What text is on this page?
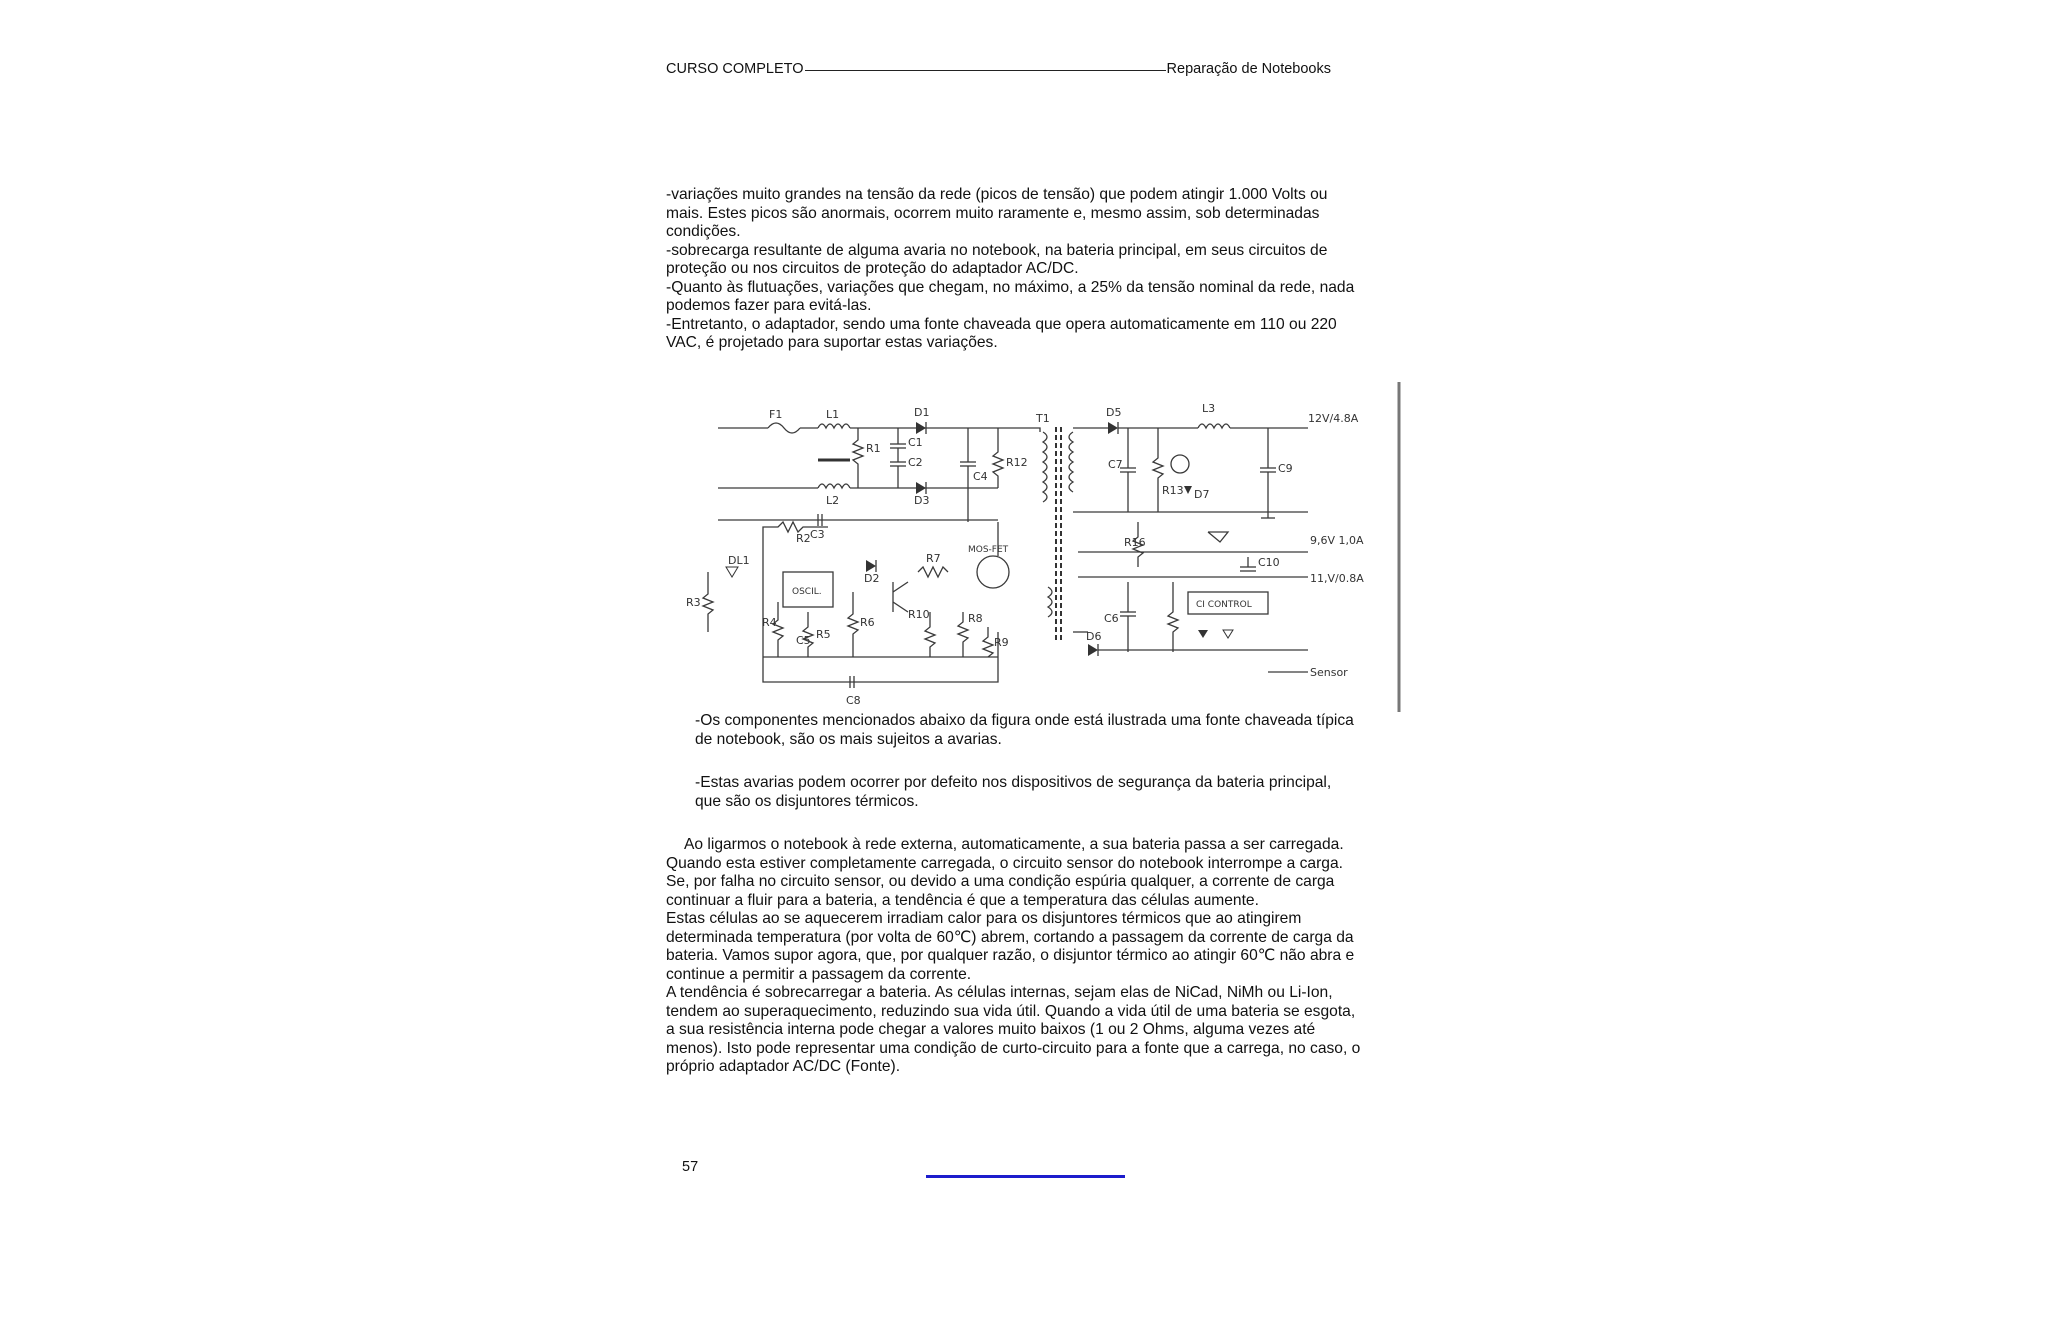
CURSO COMPLETO	Reparação de Notebooks

-variações muito grandes na tensão da rede (picos de tensão) que podem atingir 1.000 Volts ou mais. Estes picos são anormais, ocorrem muito raramente e, mesmo assim, sob determinadas condições.

-sobrecarga resultante de alguma avaria no notebook, na bateria principal, em seus circuitos de proteção ou nos circuitos de proteção do adaptador AC/DC.

-Quanto às flutuações, variações que chegam, no máximo, a 25% da tensão nominal da rede, nada podemos fazer para evitá-las.

-Entretanto, o adaptador, sendo uma fonte chaveada que opera automaticamente em 110 ou 220 VAC, é projetado para suportar estas variações.

F1	L1
L2
R1 C1
C2
D1
D3
C3
C4
R12
T1	D5	L3
12V/4.8A
C7
R13 D7
C9
R16
C10
9,6V 1,0A
11,V/0.8A
MOS-FET
OSCIL.
R2
R3
DL1
D2
R7
R4
R5
R6
C5
R10	R8
R9
C8
D6
C6
CI CONTROL
Sensor

-Os componentes mencionados abaixo da figura onde está ilustrada uma fonte chaveada típica de notebook, são os mais sujeitos a avarias.

-Estas avarias podem ocorrer por defeito nos dispositivos de segurança da bateria principal, que são os disjuntores térmicos.

Ao ligarmos o notebook à rede externa, automaticamente, a sua bateria passa a ser carregada. Quando esta estiver completamente carregada, o circuito sensor do notebook interrompe a carga. Se, por falha no circuito sensor, ou devido a uma condição espúria qualquer, a corrente de carga continuar a fluir para a bateria, a tendência é que a temperatura das células aumente.

Estas células ao se aquecerem irradiam calor para os disjuntores térmicos que ao atingirem determinada temperatura (por volta de 60℃) abrem, cortando a passagem da corrente de carga da bateria. Vamos supor agora, que, por qualquer razão, o disjuntor térmico ao atingir 60℃ não abra e continue a permitir a passagem da corrente.

A tendência é sobrecarregar a bateria. As células internas, sejam elas de NiCad, NiMh ou Li-Ion, tendem ao superaquecimento, reduzindo sua vida útil. Quando a vida útil de uma bateria se esgota, a sua resistência interna pode chegar a valores muito baixos (1 ou 2 Ohms, alguma vezes até menos). Isto pode representar uma condição de curto-circuito para a fonte que a carrega, no caso, o próprio adaptador AC/DC (Fonte).

57
